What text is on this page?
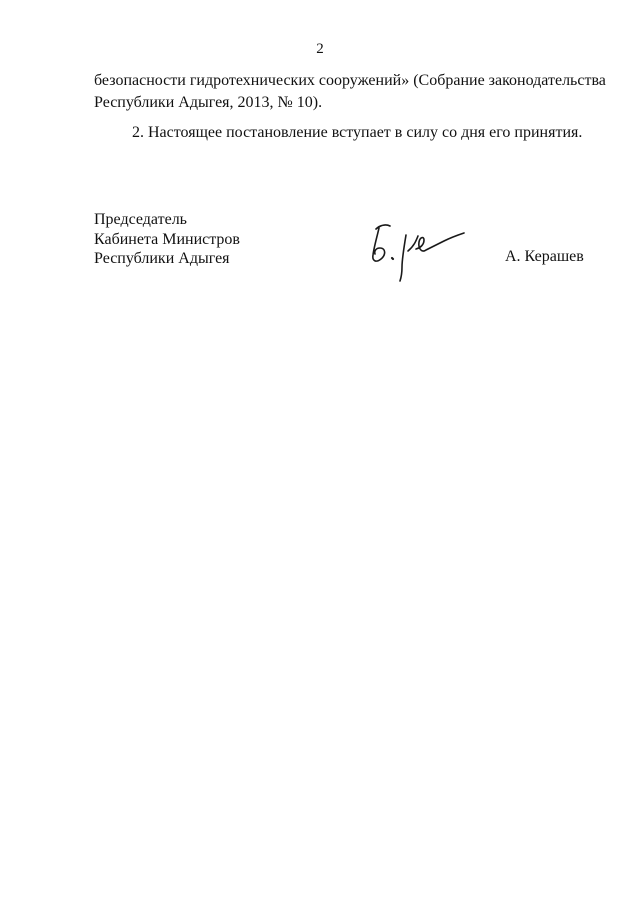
2
безопасности гидротехнических сооружений» (Собрание законодательства
Республики Адыгея, 2013, № 10).
2. Настоящее постановление вступает в силу со дня его принятия.
Председатель
Кабинета Министров
Республики Адыгея	А. Керашев
